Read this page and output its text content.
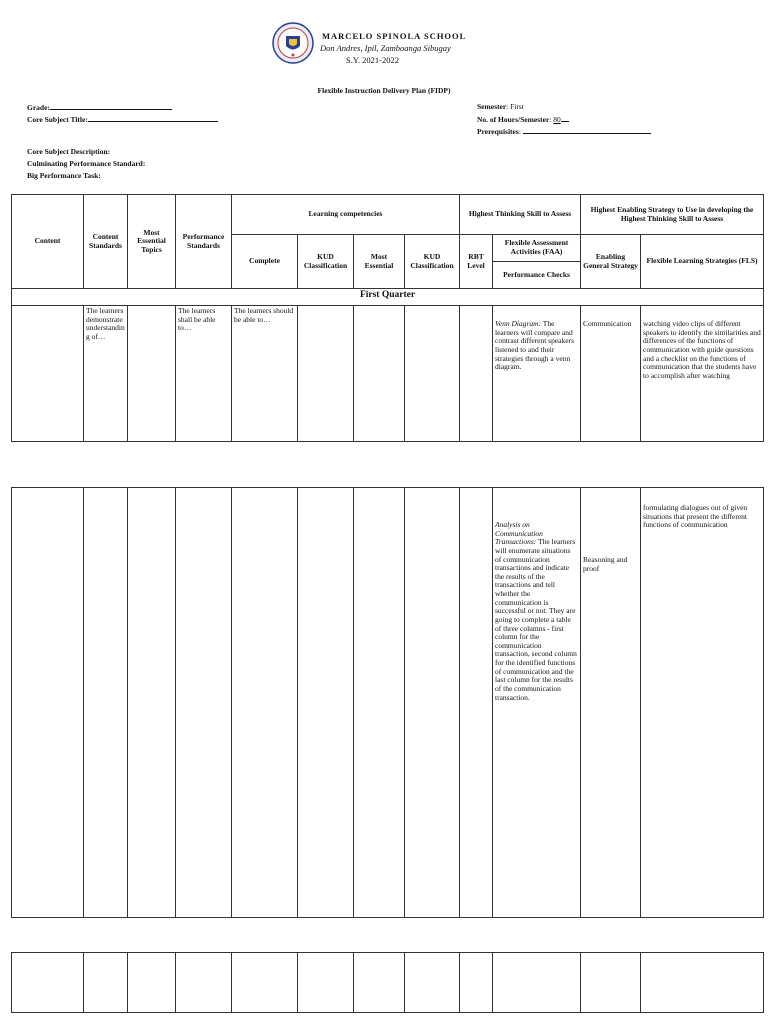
MARCELO SPINOLA SCHOOL
Don Andres, Ipil, Zamboanga Sibugay
S.Y. 2021-2022
Flexible Instruction Delivery Plan (FIDP)
Grade:
Core Subject Title:
Semester: First
No. of Hours/Semester: 80
Prerequisites:
Core Subject Description:
Culminating Performance Standard:
Big Performance Task:
Content	Content Standards	Most Essential Topics	Performance Standards	Learning competencies				Highest Thinking Skill to Assess		Highest Enabling Strategy to Use in developing the Highest Thinking Skill to Assess	
				Complete	KUD Classification	Most Essential	KUD Classification	RBT Level	Flexible Assessment Activities (FAA)	Enabling General Strategy	Flexible Learning Strategies (FLS)
									Performance Checks		
First Quarter											
	The learners demonstrate understanding of…		The learners shall be able to…	The learners should be able to…					Venn Diagram: The learners will compare and contrast different speakers listened to and their strategies through a venn diagram.	Communication	watching video clips of different speakers to identify the similarities and differences of the functions of communication with guide questions and a checklist on the functions of communication that the students have to accomplish after watching
									Analysis on Communication Transactions: The learners will enumerate situations of communication transactions and indicate the results of the transactions and tell whether the communication is successful or not. They are going to complete a table of three columns - first column for the communication transaction, second column for the identified functions of communication and the last column for the results of the communication transaction.	Reasoning and proof	formulating dialogues out of given situations that present the different functions of communication
